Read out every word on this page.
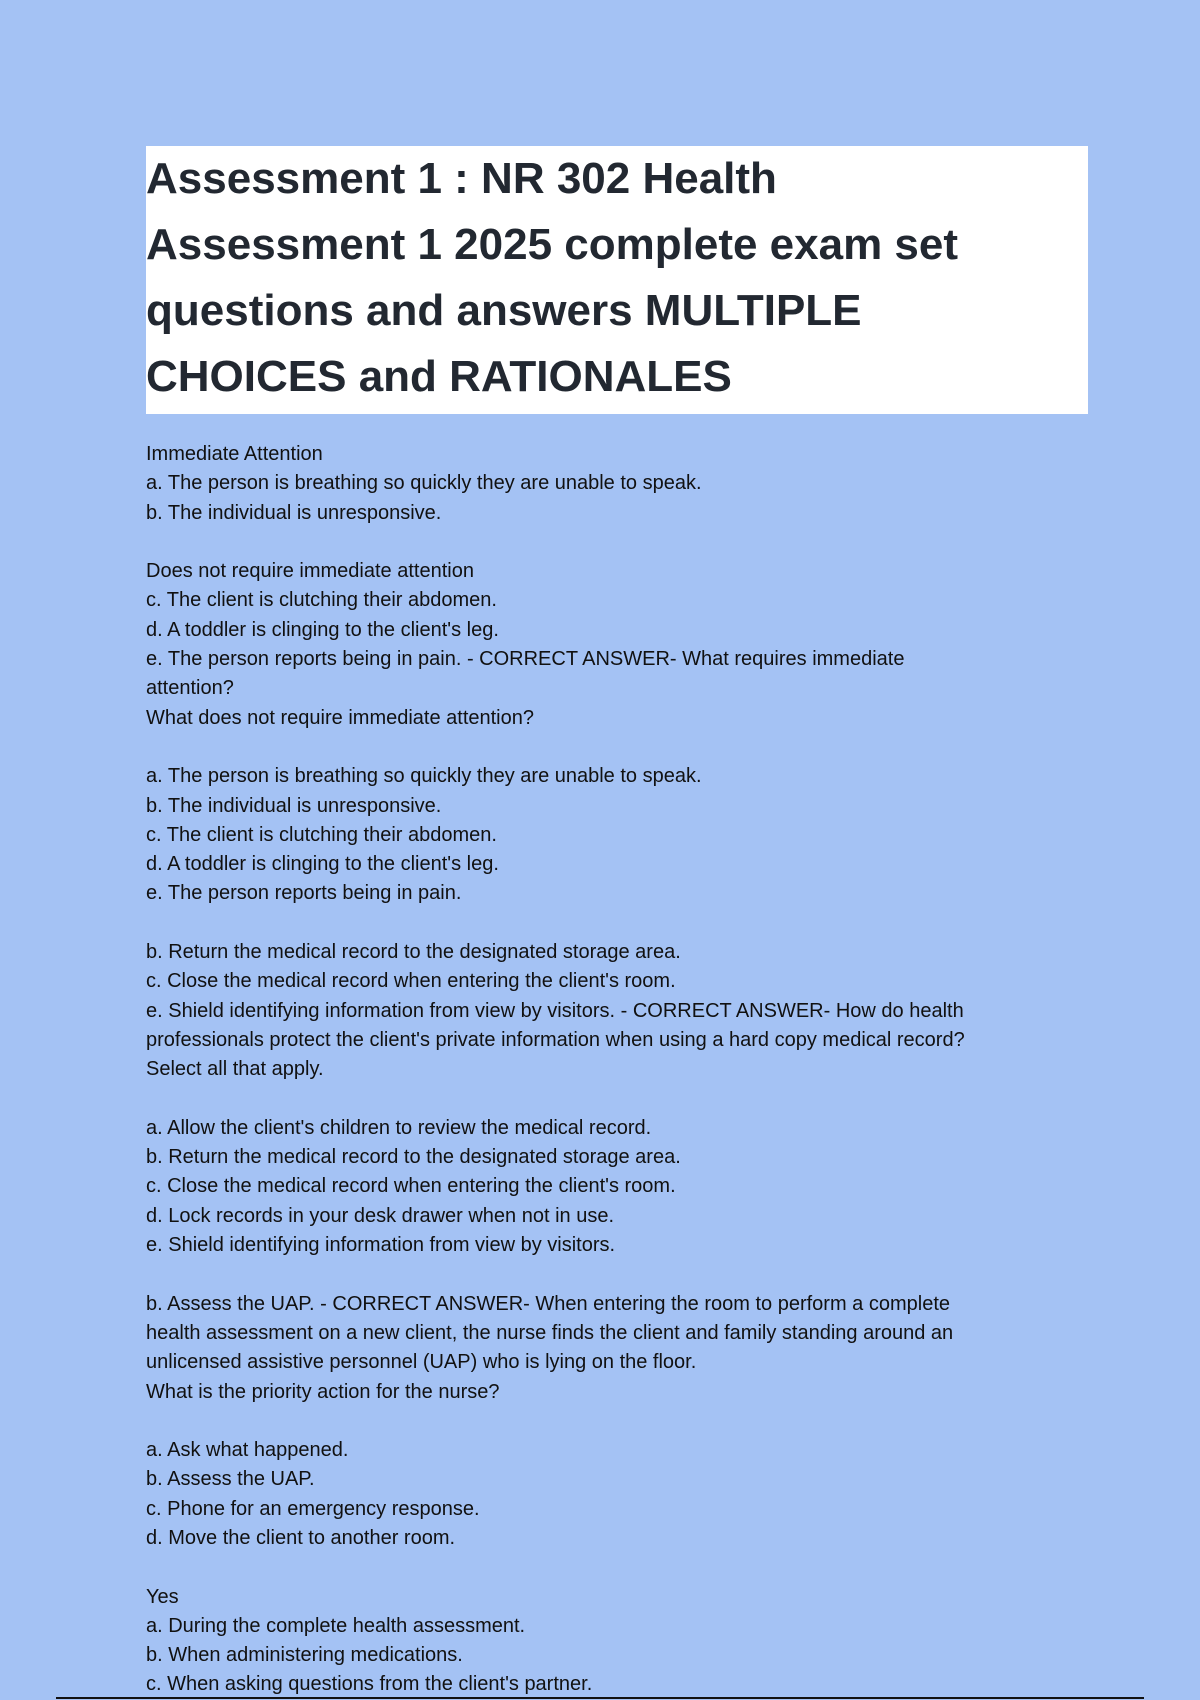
Assessment 1 : NR 302 Health
Assessment 1 2025 complete exam set
questions and answers MULTIPLE
CHOICES and RATIONALES

Immediate Attention

a. The person is breathing so quickly they are unable to speak.

b. The individual is unresponsive.

Does not require immediate attention

c. The client is clutching their abdomen.

d. A toddler is clinging to the client's leg.

e. The person reports being in pain. - CORRECT ANSWER- What requires immediate

attention?

What does not require immediate attention?

a. The person is breathing so quickly they are unable to speak.

b. The individual is unresponsive.

c. The client is clutching their abdomen.

d. A toddler is clinging to the client's leg.

e. The person reports being in pain.

b. Return the medical record to the designated storage area.

c. Close the medical record when entering the client's room.

e. Shield identifying information from view by visitors. - CORRECT ANSWER- How do health

professionals protect the client's private information when using a hard copy medical record?

Select all that apply.

a. Allow the client's children to review the medical record.

b. Return the medical record to the designated storage area.

c. Close the medical record when entering the client's room.

d. Lock records in your desk drawer when not in use.

e. Shield identifying information from view by visitors.

b. Assess the UAP. - CORRECT ANSWER- When entering the room to perform a complete

health assessment on a new client, the nurse finds the client and family standing around an

unlicensed assistive personnel (UAP) who is lying on the floor.

What is the priority action for the nurse?

a. Ask what happened.

b. Assess the UAP.

c. Phone for an emergency response.

d. Move the client to another room.

Yes

a. During the complete health assessment.

b. When administering medications.

c. When asking questions from the client's partner.
